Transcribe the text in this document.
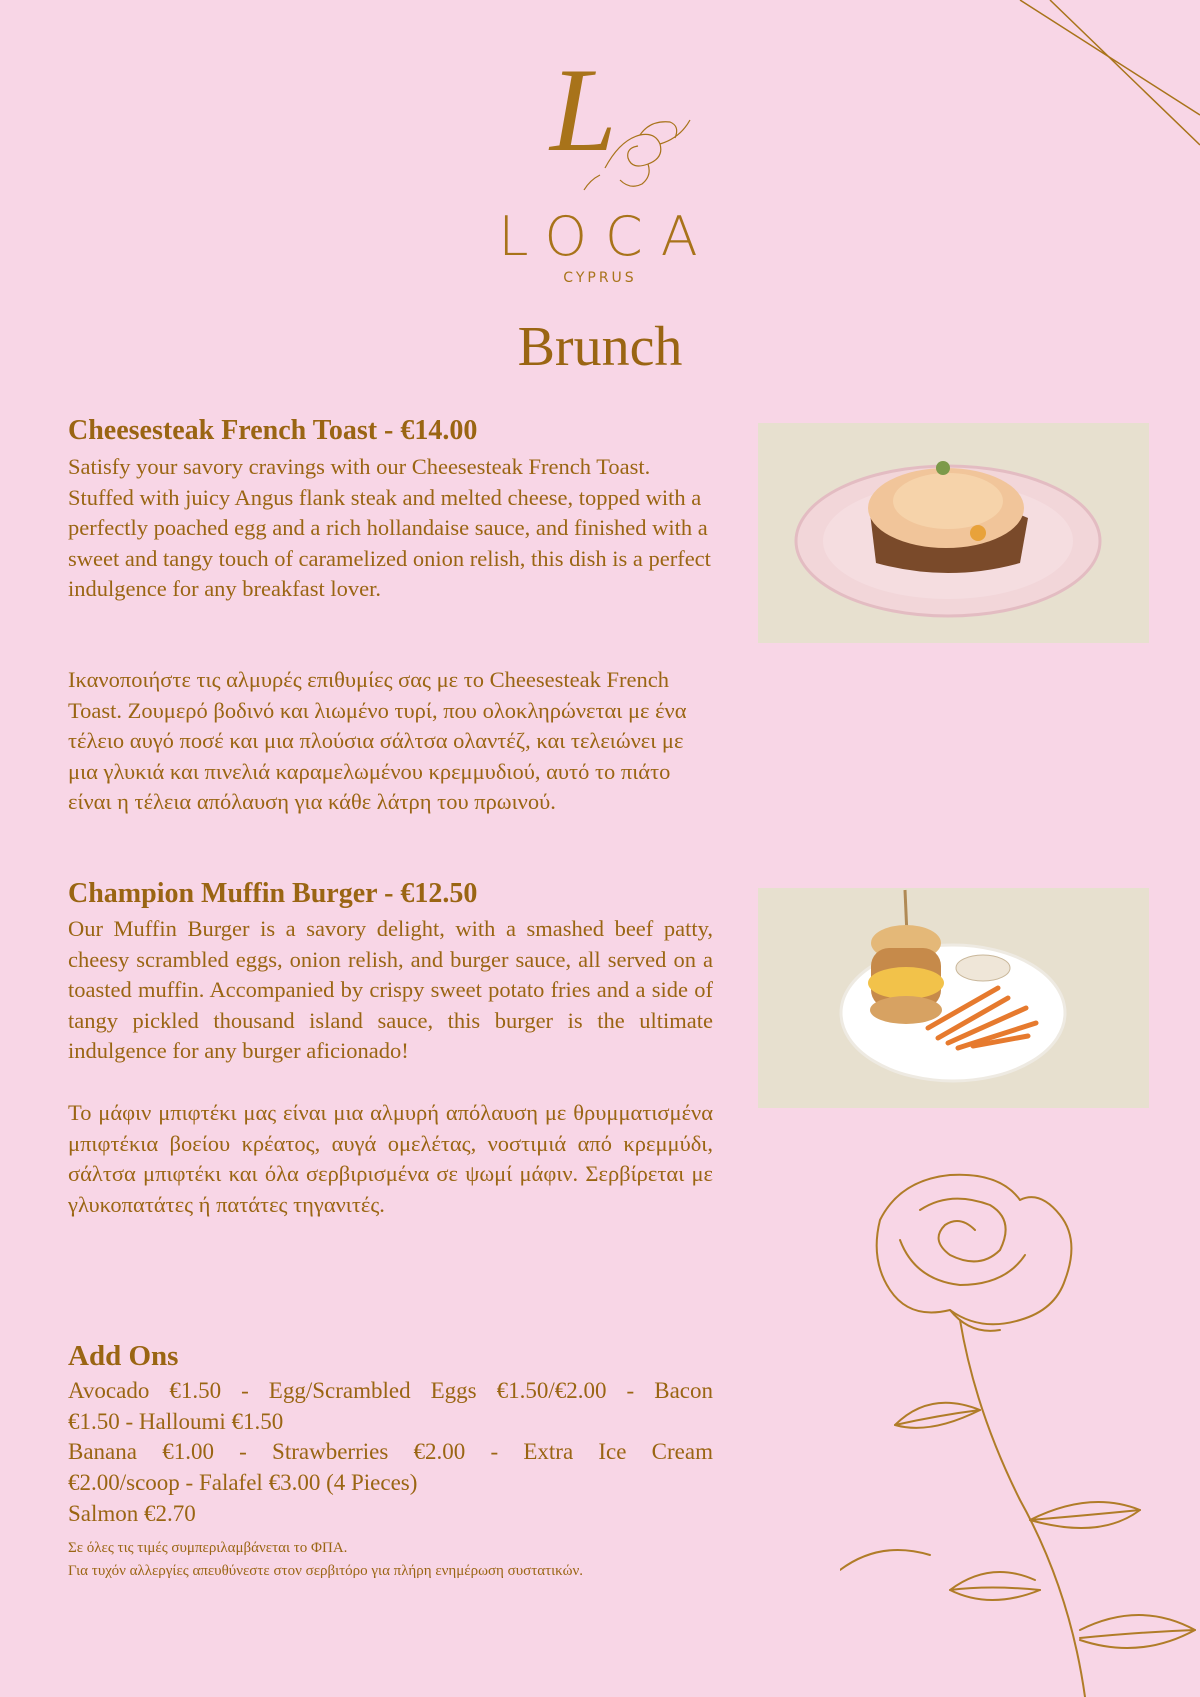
L
LOCA
CYPRUS
Brunch
Cheesesteak French Toast - €14.00

Satisfy your savory cravings with our Cheesesteak French Toast. Stuffed with juicy Angus flank steak and melted cheese, topped with a perfectly poached egg and a rich hollandaise sauce, and finished with a sweet and tangy touch of caramelized onion relish, this dish is a perfect indulgence for any breakfast lover.

Ικανοποιήστε τις αλμυρές επιθυμίες σας με το Cheesesteak French Toast. Ζουμερό βοδινό και λιωμένο τυρί, που ολοκληρώνεται με ένα τέλειο αυγό ποσέ και μια πλούσια σάλτσα ολαντέζ, και τελειώνει με μια γλυκιά και πινελιά καραμελωμένου κρεμμυδιού, αυτό το πιάτο είναι η τέλεια απόλαυση για κάθε λάτρη του πρωινού.

Champion Muffin Burger - €12.50

Our Muffin Burger is a savory delight, with a smashed beef patty, cheesy scrambled eggs, onion relish, and burger sauce, all served on a toasted muffin. Accompanied by crispy sweet potato fries and a side of tangy pickled thousand island sauce, this burger is the ultimate indulgence for any burger aficionado!

Το μάφιν μπιφτέκι μας είναι μια αλμυρή απόλαυση με θρυμματισμένα μπιφτέκια βοείου κρέατος, αυγά ομελέτας, νοστιμιά από κρεμμύδι, σάλτσα μπιφτέκι και όλα σερβιρισμένα σε ψωμί μάφιν. Σερβίρεται με γλυκοπατάτες ή πατάτες τηγανιτές.

Add Ons

Avocado €1.50 - Egg/Scrambled Eggs €1.50/€2.00 - Bacon

€1.50 - Halloumi €1.50

Banana €1.00 - Strawberries €2.00 - Extra Ice Cream

€2.00/scoop - Falafel €3.00 (4 Pieces)

Salmon €2.70

Σε όλες τις τιμές συμπεριλαμβάνεται το ΦΠΑ.

Για τυχόν αλλεργίες απευθύνεστε στον σερβιτόρο για πλήρη ενημέρωση συστατικών.
